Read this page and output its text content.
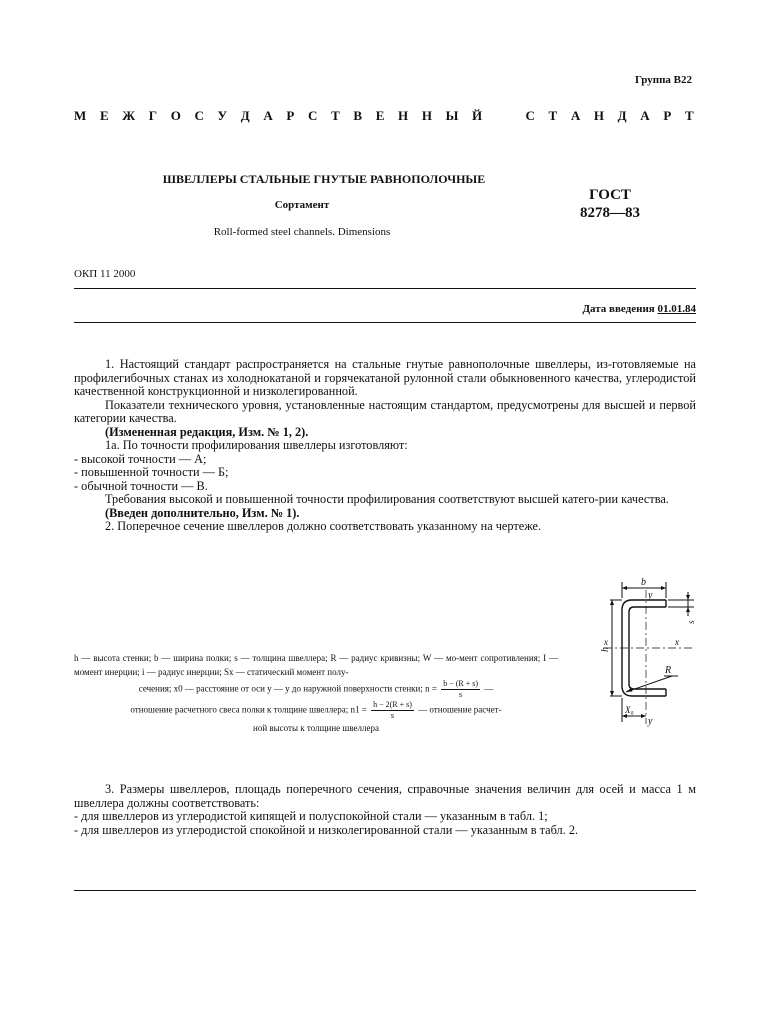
Группа В22
М Е Ж Г О С У Д А Р С Т В Е Н Н Ы Й	С Т А Н Д А Р Т
ШВЕЛЛЕРЫ СТАЛЬНЫЕ ГНУТЫЕ РАВНОПОЛОЧНЫЕ
Сортамент
Roll-formed steel channels. Dimensions
ГОСТ
8278—83
ОКП 11 2000
Дата введения 01.01.84

1. Настоящий стандарт распространяется на стальные гнутые равнополочные швеллеры, из-готовляемые на профилегибочных станах из холоднокатаной и горячекатаной рулонной стали обыкновенного качества, углеродистой качественной конструкционной и низколегированной.

Показатели технического уровня, установленные настоящим стандартом, предусмотрены для высшей и первой категории качества.

(Измененная редакция, Изм. № 1, 2).

1а. По точности профилирования швеллеры изготовляют:

- высокой точности — А;

- повышенной точности — Б;

- обычной точности — В.

Требования высокой и повышенной точности профилирования соответствуют высшей катего-рии качества.

(Введен дополнительно, Изм. № 1).

2. Поперечное сечение швеллеров должно соответствовать указанному на чертеже.

h — высота стенки; b — ширина полки; s — толщина швеллера; R — радиус кривизны; W — мо-мент сопротивления; I — момент инерции; i — радиус инерции; Sx — статический момент полу-

сечения; x0 — расстояние от оси y — y до наружной поверхности стенки; $n = \frac{b - (R + s)}{s}$ —

отношение расчетного свеса полки к толщине швеллера; $n1 = \frac{h - 2(R + s)}{s}$ — отношение расчет-

ной высоты к толщине швеллера

b
y
s
h
x	x
R
X₀
y

3. Размеры швеллеров, площадь поперечного сечения, справочные значения величин для осей и масса 1 м швеллера должны соответствовать:

- для швеллеров из углеродистой кипящей и полуспокойной стали — указанным в табл. 1;

- для швеллеров из углеродистой спокойной и низколегированной стали — указанным в табл. 2.
